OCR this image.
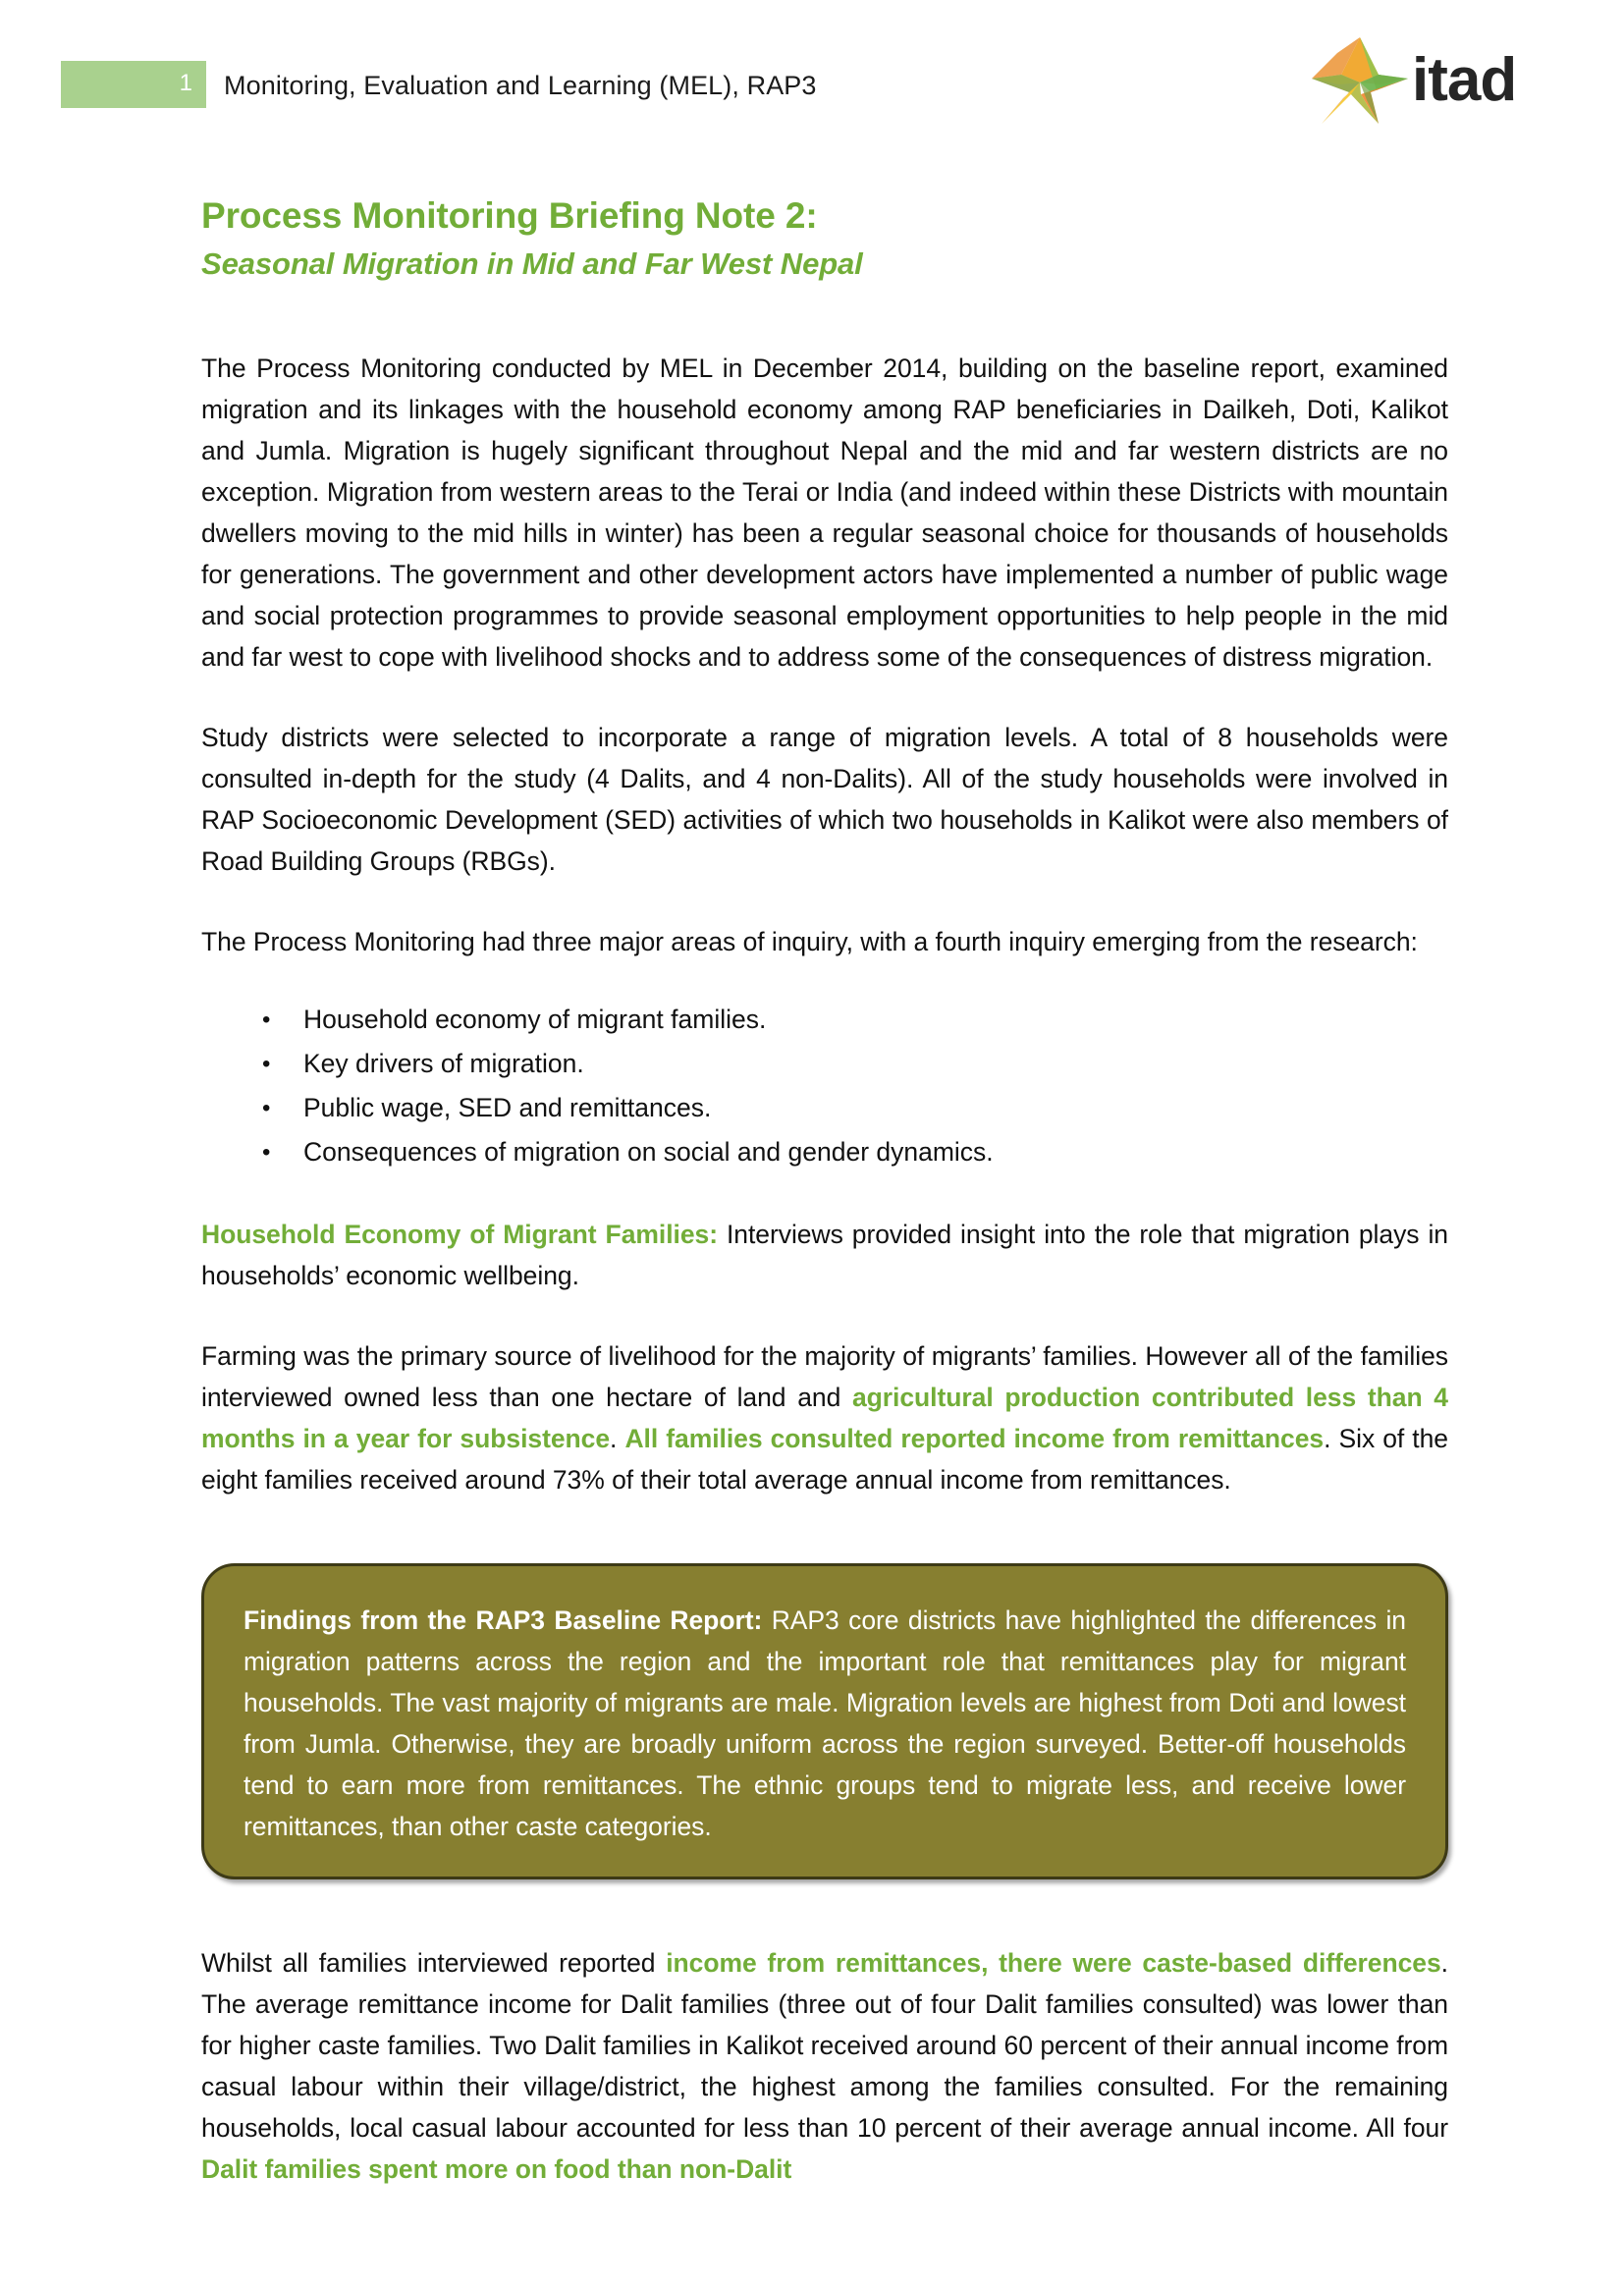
1 Monitoring, Evaluation and Learning (MEL), RAP3	itad
Process Monitoring Briefing Note 2:
Seasonal Migration in Mid and Far West Nepal

The Process Monitoring conducted by MEL in December 2014, building on the baseline report, examined migration and its linkages with the household economy among RAP beneficiaries in Dailkeh, Doti, Kalikot and Jumla. Migration is hugely significant throughout Nepal and the mid and far western districts are no exception. Migration from western areas to the Terai or India (and indeed within these Districts with mountain dwellers moving to the mid hills in winter) has been a regular seasonal choice for thousands of households for generations. The government and other development actors have implemented a number of public wage and social protection programmes to provide seasonal employment opportunities to help people in the mid and far west to cope with livelihood shocks and to address some of the consequences of distress migration.

Study districts were selected to incorporate a range of migration levels. A total of 8 households were consulted in-depth for the study (4 Dalits, and 4 non-Dalits). All of the study households were involved in RAP Socioeconomic Development (SED) activities of which two households in Kalikot were also members of Road Building Groups (RBGs).

The Process Monitoring had three major areas of inquiry, with a fourth inquiry emerging from the research:

• Household economy of migrant families.
• Key drivers of migration.
• Public wage, SED and remittances.
• Consequences of migration on social and gender dynamics.

Household Economy of Migrant Families: Interviews provided insight into the role that migration plays in households’ economic wellbeing.

Farming was the primary source of livelihood for the majority of migrants’ families. However all of the families interviewed owned less than one hectare of land and agricultural production contributed less than 4 months in a year for subsistence. All families consulted reported income from remittances. Six of the eight families received around 73% of their total average annual income from remittances.

Findings from the RAP3 Baseline Report: RAP3 core districts have highlighted the differences in migration patterns across the region and the important role that remittances play for migrant households. The vast majority of migrants are male. Migration levels are highest from Doti and lowest from Jumla. Otherwise, they are broadly uniform across the region surveyed. Better-off households tend to earn more from remittances. The ethnic groups tend to migrate less, and receive lower remittances, than other caste categories.

Whilst all families interviewed reported income from remittances, there were caste-based differences. The average remittance income for Dalit families (three out of four Dalit families consulted) was lower than for higher caste families. Two Dalit families in Kalikot received around 60 percent of their annual income from casual labour within their village/district, the highest among the families consulted. For the remaining households, local casual labour accounted for less than 10 percent of their average annual income. All four Dalit families spent more on food than non-Dalit
